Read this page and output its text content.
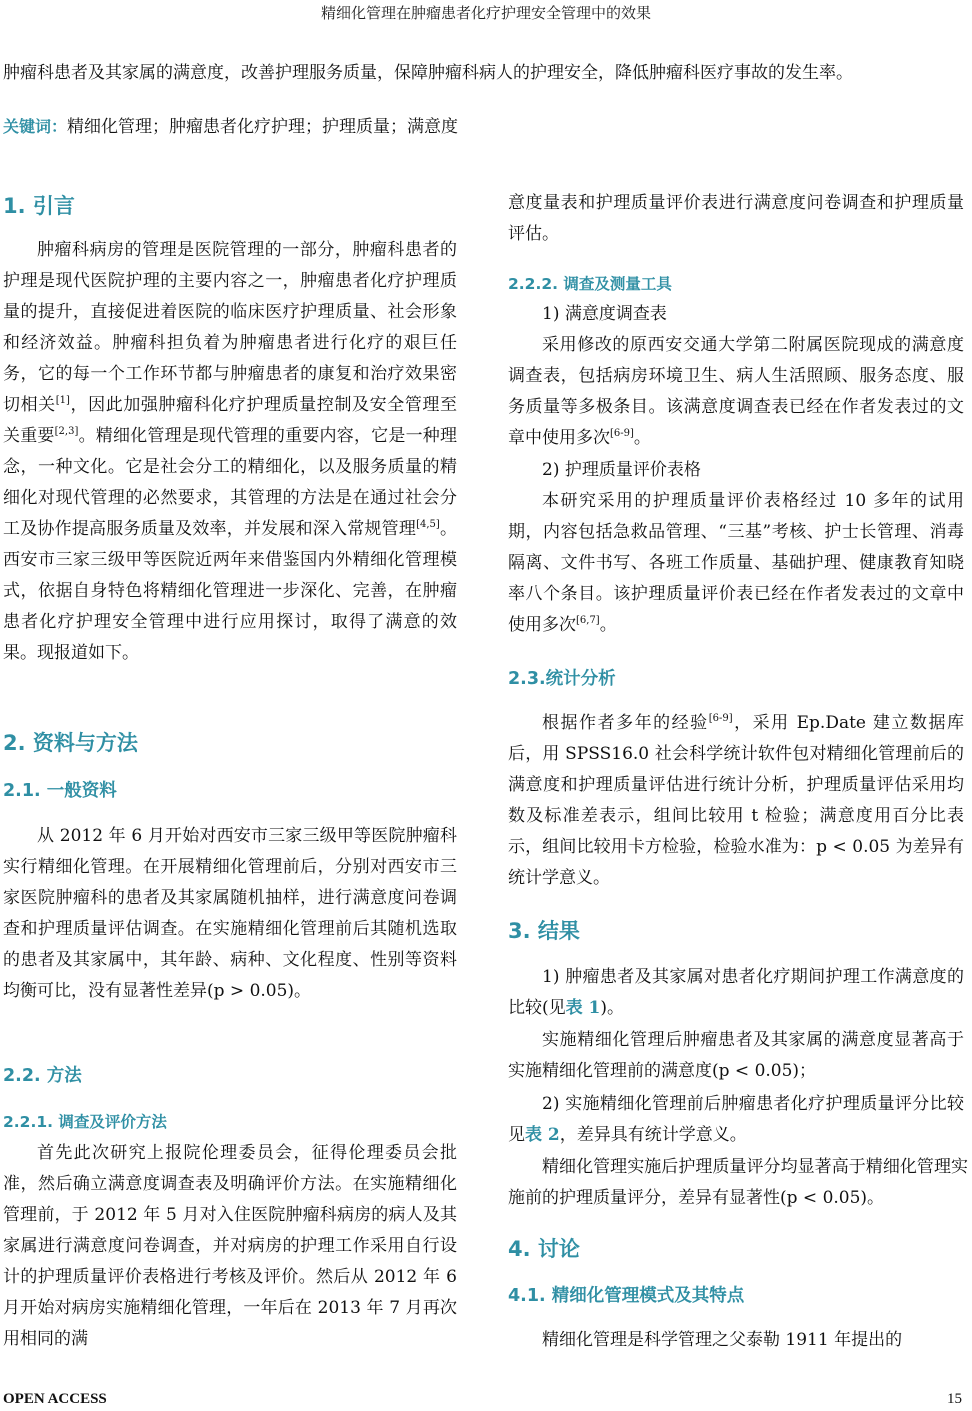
精细化管理在肿瘤患者化疗护理安全管理中的效果
肿瘤科患者及其家属的满意度，改善护理服务质量，保障肿瘤科病人的护理安全，降低肿瘤科医疗事故的发生率。
关键词：精细化管理；肿瘤患者化疗护理；护理质量；满意度
1. 引言

肿瘤科病房的管理是医院管理的一部分，肿瘤科患者的护理是现代医院护理的主要内容之一，肿瘤患者化疗护理质量的提升，直接促进着医院的临床医疗护理质量、社会形象和经济效益。肿瘤科担负着为肿瘤患者进行化疗的艰巨任务，它的每一个工作环节都与肿瘤患者的康复和治疗效果密切相关[1]，因此加强肿瘤科化疗护理质量控制及安全管理至关重要[2,3]。精细化管理是现代管理的重要内容，它是一种理念，一种文化。它是社会分工的精细化，以及服务质量的精细化对现代管理的必然要求，其管理的方法是在通过社会分工及协作提高服务质量及效率，并发展和深入常规管理[4,5]。西安市三家三级甲等医院近两年来借鉴国内外精细化管理模式，依据自身特色将精细化管理进一步深化、完善，在肿瘤患者化疗护理安全管理中进行应用探讨，取得了满意的效果。现报道如下。

2. 资料与方法
2.1. 一般资料

从 2012 年 6 月开始对西安市三家三级甲等医院肿瘤科实行精细化管理。在开展精细化管理前后，分别对西安市三家医院肿瘤科的患者及其家属随机抽样，进行满意度问卷调查和护理质量评估调查。在实施精细化管理前后其随机选取的患者及其家属中，其年龄、病种、文化程度、性别等资料均衡可比，没有显著性差异(p > 0.05)。

2.2. 方法
2.2.1. 调查及评价方法

首先此次研究上报院伦理委员会，征得伦理委员会批准，然后确立满意度调查表及明确评价方法。在实施精细化管理前，于 2012 年 5 月对入住医院肿瘤科病房的病人及其家属进行满意度问卷调查，并对病房的护理工作采用自行设计的护理质量评价表格进行考核及评价。然后从 2012 年 6 月开始对病房实施精细化管理，一年后在 2013 年 7 月再次用相同的满

意度量表和护理质量评价表进行满意度问卷调查和护理质量评估。

2.2.2. 调查及测量工具

1) 满意度调查表

采用修改的原西安交通大学第二附属医院现成的满意度调查表，包括病房环境卫生、病人生活照顾、服务态度、服务质量等多极条目。该满意度调查表已经在作者发表过的文章中使用多次[6-9]。

2) 护理质量评价表格

本研究采用的护理质量评价表格经过 10 多年的试用期，内容包括急救品管理、“三基”考核、护士长管理、消毒隔离、文件书写、各班工作质量、基础护理、健康教育知晓率八个条目。该护理质量评价表已经在作者发表过的文章中使用多次[6,7]。

2.3.统计分析

根据作者多年的经验[6-9]，采用 Ep.Date 建立数据库后，用 SPSS16.0 社会科学统计软件包对精细化管理前后的满意度和护理质量评估进行统计分析，护理质量评估采用均数及标准差表示，组间比较用 t 检验；满意度用百分比表示，组间比较用卡方检验，检验水准为：p < 0.05 为差异有统计学意义。

3. 结果

1) 肿瘤患者及其家属对患者化疗期间护理工作满意度的比较(见表 1)。

实施精细化管理后肿瘤患者及其家属的满意度显著高于实施精细化管理前的满意度(p < 0.05)；

2) 实施精细化管理前后肿瘤患者化疗护理质量评分比较见表 2，差异具有统计学意义。

精细化管理实施后护理质量评分均显著高于精细化管理实施前的护理质量评分，差异有显著性(p < 0.05)。

4. 讨论
4.1. 精细化管理模式及其特点

精细化管理是科学管理之父泰勒 1911 年提出的

OPEN ACCESS	15
